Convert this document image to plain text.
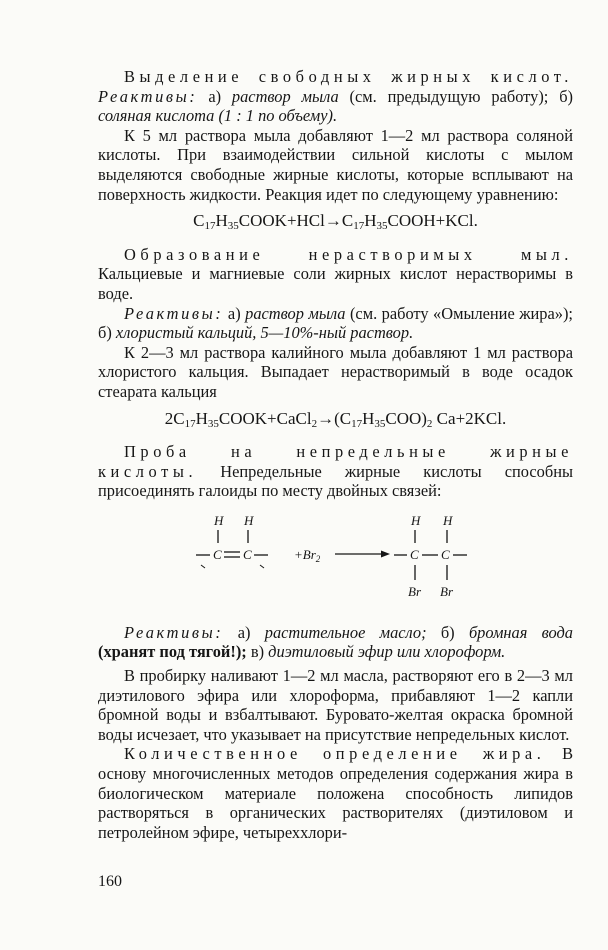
Выделение свободных жирных кислот. Реактивы: а) раствор мыла (см. предыдущую работу); б) соляная кислота (1 : 1 по объему).

К 5 мл раствора мыла добавляют 1—2 мл раствора соляной кислоты. При взаимодействии сильной кислоты с мылом выделяются свободные жирные кислоты, которые всплывают на поверхность жидкости. Реакция идет по следующему уравнению:

$C_{17}H_{35}COOK+HCl\to C_{17}H_{35}COOH+KCl$.

Образование нерастворимых мыл. Кальциевые и магниевые соли жирных кислот нерастворимы в воде.

Реактивы: а) раствор мыла (см. работу «Омыление жира»); б) хлористый кальций, 5—10%-ный раствор.

К 2—3 мл раствора калийного мыла добавляют 1 мл раствора хлористого кальция. Выпадает нерастворимый в воде осадок стеарата кальция

$2C_{17}H_{35}COOK+CaCl_2\to(C_{17}H_{35}COO)_2$ Ca+2KCl.

Проба на непредельные жирные кислоты. Непредельные жирные кислоты способны присоединять галоиды по месту двойных связей:

H H
C C	$+Br_2$
H H
C C
Br Br

Реактивы: а) растительное масло; б) бромная вода (хранят под тягой!); в) диэтиловый эфир или хлороформ.

В пробирку наливают 1—2 мл масла, растворяют его в 2—3 мл диэтилового эфира или хлороформа, прибавляют 1—2 капли бромной воды и взбалтывают. Буровато-желтая окраска бромной воды исчезает, что указывает на присутствие непредельных кислот.

Количественное определение жира. В основу многочисленных методов определения содержания жира в биологическом материале положена способность липидов растворяться в органических растворителях (диэтиловом и петролейном эфире, четыреххлори-

160
